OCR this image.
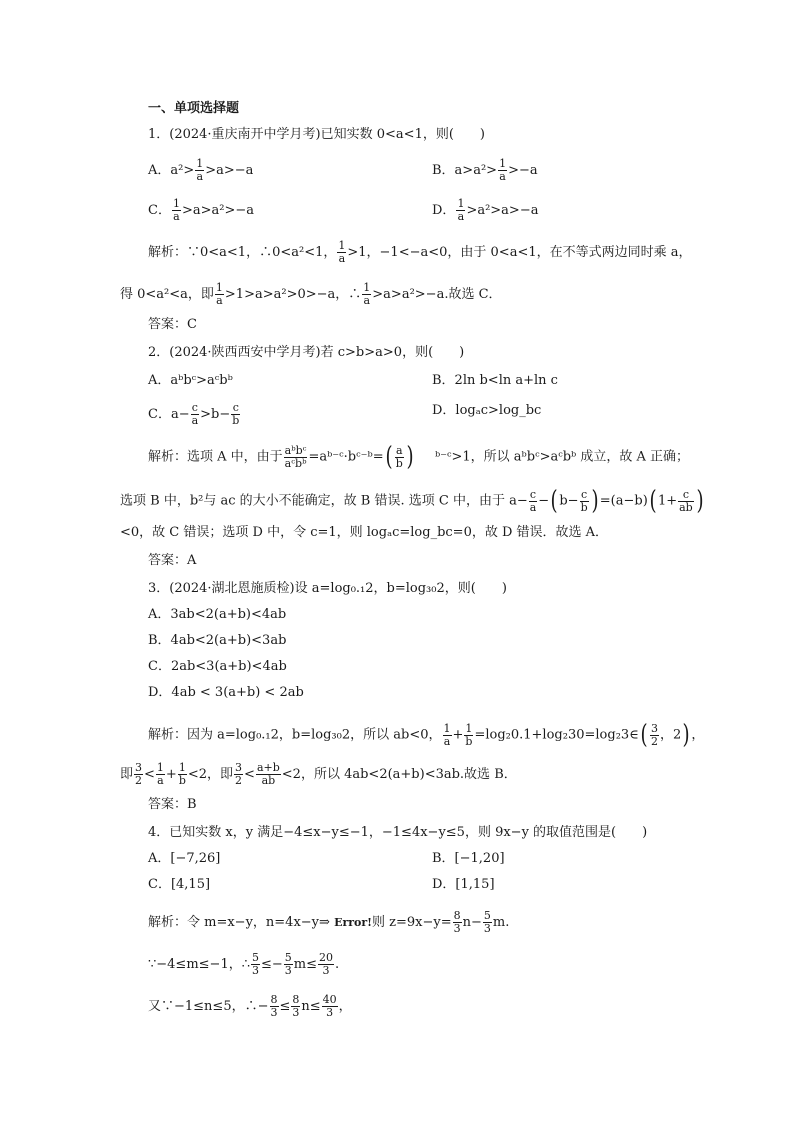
一、单项选择题
1．(2024·重庆南开中学月考)已知实数 0<a<1，则(　　)
A．$a^2> \frac{1}{a} >a>-a$	B．$a>a^2> \frac{1}{a} >-a$
C． $\frac{1}{a} >a>a^2>-a$	D． $\frac{1}{a} >a^2>a>-a$
解析：∵0<a<1，∴0<a²<1， $\frac{1}{a} >1$，−1<−a<0，由于 0<a<1，在不等式两边同时乘 a，
得 0<a²<a，即 $\frac{1}{a} >1>a>a^2>0>-a$，∴ $\frac{1}{a} >a>a^2>-a$.故选 C．
答案：C
2．(2024·陕西西安中学月考)若 c>b>a>0，则(　　)
A．aᵇbᶜ>aᶜbᵇ	B．2ln b<ln a+ln c
C．$a- \frac{c}{a} >b- \frac{c}{b}$	D．logₐc>log_bc
解析：选项 A 中，由于 $\frac{\text{aᵇbᶜ}}{\text{aᶜbᵇ}}$ =aᵇ⁻ᶜ·bᶜ⁻ᵇ=( $\frac{a}{b}$ ) ᵇ⁻ᶜ>1，所以 aᵇbᶜ>aᶜbᵇ 成立，故 A 正确；
选项 B 中，b²与 ac 的大小不能确定，故 B 错误. 选项 C 中，由于 $a- \frac{c}{a}$ −( $b- \frac{c}{b}$ ) =(a−b)( $1+ \frac{c}{ab}$ )
<0，故 C 错误；选项 D 中，令 c=1，则 logₐc=log_bc=0，故 D 错误．故选 A．
答案：A
3．(2024·湖北恩施质检)设 a=log₀.₁2，b=log₃₀2，则(　　)
A．3ab<2(a+b)<4ab
B．4ab<2(a+b)<3ab
C．2ab<3(a+b)<4ab
D．4ab < 3(a+b) < 2ab
解析：因为 a=log₀.₁2，b=log₃₀2，所以 ab<0， $\frac{1}{a} + \frac{1}{b}$ =log₂0.1+log₂30=log₂3∈( $\frac{3}{2}$ ，2) ，
即 $\frac{3}{2} < \frac{1}{a} + \frac{1}{b} <2$，即 $\frac{3}{2} < \frac{a+b}{ab} <2$，所以 4ab<2(a+b)<3ab.故选 B．
答案：B
4．已知实数 x，y 满足−4≤x−y≤−1，−1≤4x−y≤5，则 9x−y 的取值范围是(　　)
A．[−7,26]	B．[−1,20]
C．[4,15]	D．[1,15]
解析：令 m=x−y，n=4x−y⇒ Error!则 $z=9x-y= \frac{8}{3} n- \frac{5}{3} m$.
∵−4≤m≤−1，∴ $\frac{5}{3} \le- \frac{5}{3} m\le \frac{20}{3}$ .
又∵−1≤n≤5，∴− $\frac{8}{3} \le \frac{8}{3} n\le \frac{40}{3}$ ，
